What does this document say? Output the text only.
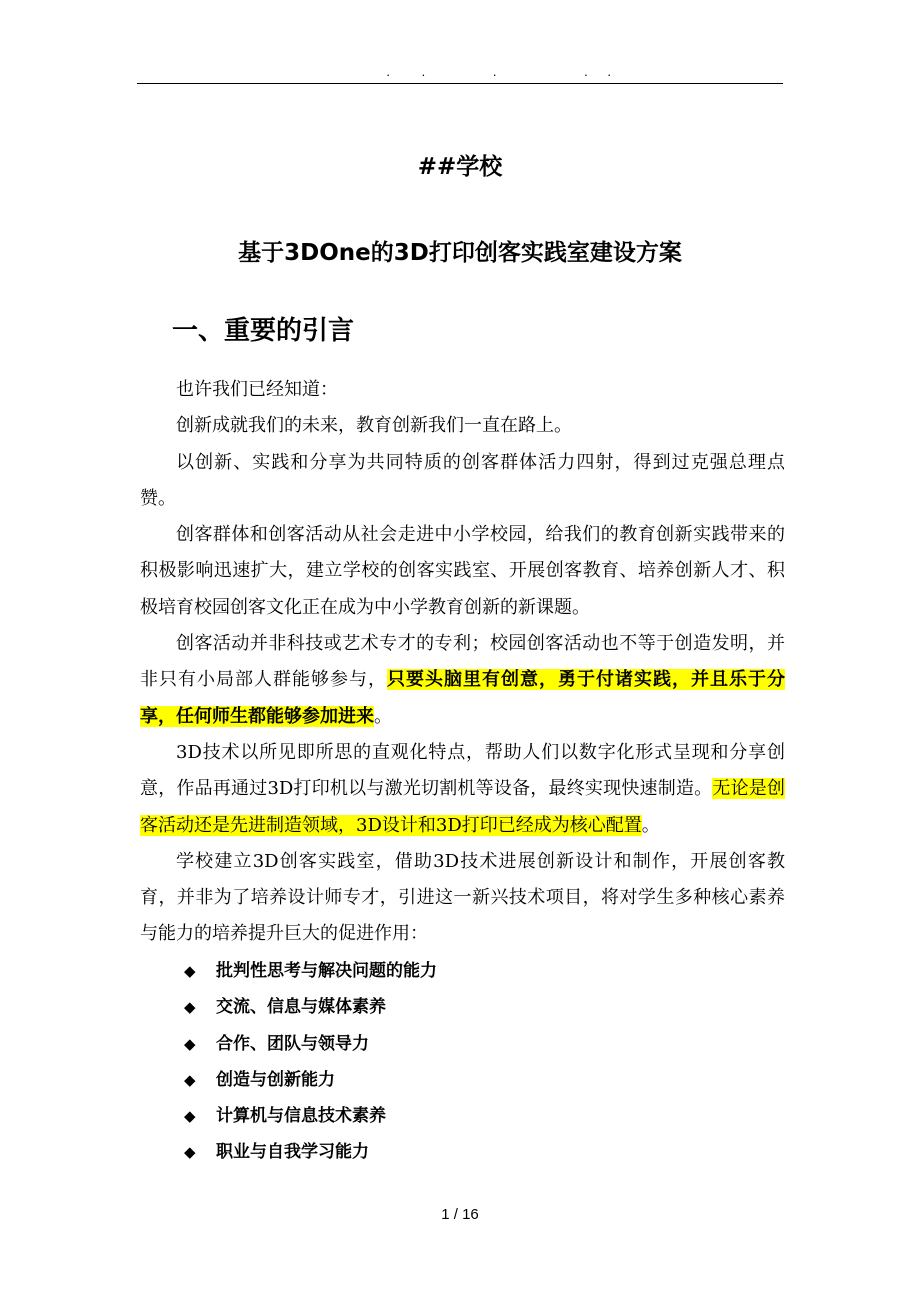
. .	.	. .
##学校
基于3DOne的3D打印创客实践室建设方案
一、重要的引言

也许我们已经知道：

创新成就我们的未来，教育创新我们一直在路上。

以创新、实践和分享为共同特质的创客群体活力四射，得到过克强总理点赞。

创客群体和创客活动从社会走进中小学校园，给我们的教育创新实践带来的积极影响迅速扩大，建立学校的创客实践室、开展创客教育、培养创新人才、积极培育校园创客文化正在成为中小学教育创新的新课题。

创客活动并非科技或艺术专才的专利；校园创客活动也不等于创造发明，并非只有小局部人群能够参与，只要头脑里有创意，勇于付诸实践，并且乐于分享，任何师生都能够参加进来。

3D技术以所见即所思的直观化特点，帮助人们以数字化形式呈现和分享创意，作品再通过3D打印机以与激光切割机等设备，最终实现快速制造。无论是创客活动还是先进制造领域，3D设计和3D打印已经成为核心配置。

学校建立3D创客实践室，借助3D技术进展创新设计和制作，开展创客教育，并非为了培养设计师专才，引进这一新兴技术项目，将对学生多种核心素养与能力的培养提升巨大的促进作用：

◆ 批判性思考与解决问题的能力
◆ 交流、信息与媒体素养
◆ 合作、团队与领导力
◆ 创造与创新能力
◆ 计算机与信息技术素养
◆ 职业与自我学习能力
1 / 16
